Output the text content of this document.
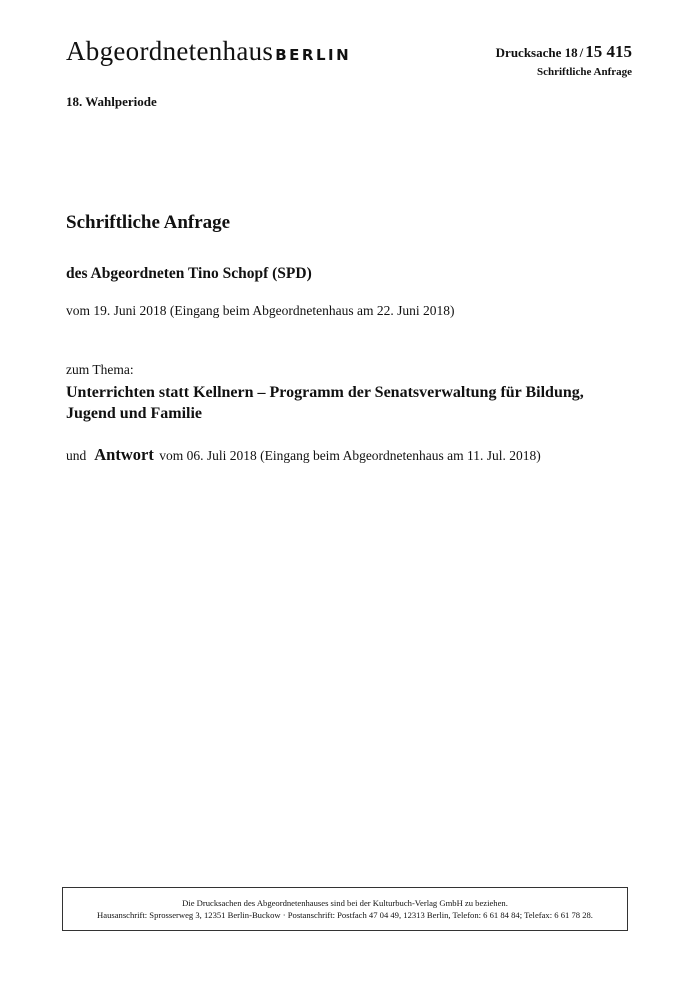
Abgeordnetenhaus BERLIN	Drucksache 18 / 15 415
Schriftliche Anfrage
18. Wahlperiode
Schriftliche Anfrage
des Abgeordneten Tino Schopf (SPD)
vom 19. Juni 2018 (Eingang beim Abgeordnetenhaus am 22. Juni 2018)
zum Thema:
Unterrichten statt Kellnern – Programm der Senatsverwaltung für Bildung,
Jugend und Familie
und Antwort vom 06. Juli 2018 (Eingang beim Abgeordnetenhaus am 11. Jul. 2018)
Die Drucksachen des Abgeordnetenhauses sind bei der Kulturbuch-Verlag GmbH zu beziehen.
Hausanschrift: Sprosserweg 3, 12351 Berlin-Buckow · Postanschrift: Postfach 47 04 49, 12313 Berlin, Telefon: 6 61 84 84; Telefax: 6 61 78 28.
